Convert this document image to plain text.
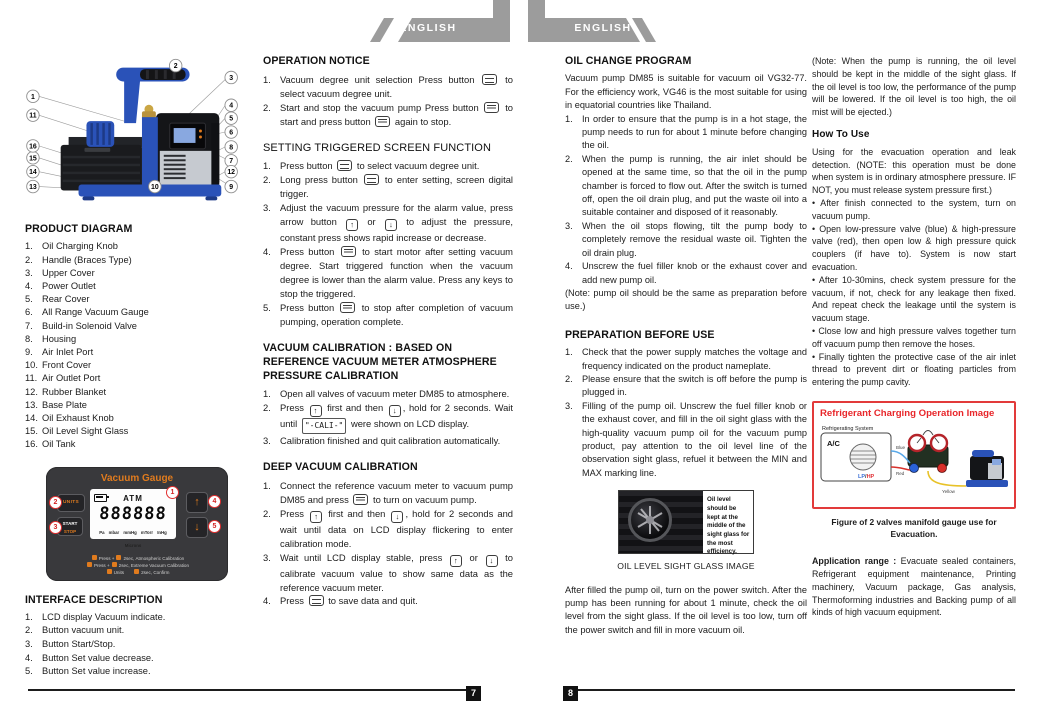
ENGLISH	ENGLISH
1
2
3
4
5
6
7
8
9
10
11
12
13
14
15
16
PRODUCT DIAGRAM
1. Oil Charging Knob
2. Handle (Braces Type)
3. Upper Cover
4. Power Outlet
5. Rear Cover
6. All Range Vacuum Gauge
7. Build-in Solenoid Valve
8. Housing
9. Air Inlet Port
10. Front Cover
11. Air Outlet Port
12. Rubber Blanket
13. Base Plate
14. Oil Exhaust Knob
15. Oil Level Sight Glass
16. Oil Tank
Vacuum Gauge
ATM
888888
Pa mbar mmHg mTorr InHg Microns
UNITS
START
STOP
↑
↓
1
2
3
4
5
Press + 2sec, Atmospheric Calibration
Press + 2sec, Extreme Vacuum Calibration
Units	2sec, Confirm
INTERFACE DESCRIPTION
1. LCD display Vacuum indicate.
2. Button vacuum unit.
3. Button Start/Stop.
4. Button Set value decrease.
5. Button Set value increase.
OPERATION NOTICE
1. Vacuum degree unit selection Press button	to select vacuum degree unit.
2. Start and stop the vacuum pump Press button	to start and press button	again to stop.
SETTING TRIGGERED SCREEN FUNCTION
1. Press button	to select vacuum degree unit.
2. Long press button	to enter setting, screen digital trigger.
3. Adjust the vacuum pressure for the alarm value, press arrow button ↑ or ↓ to adjust the pressure, constant press shows rapid increase or decrease.
4. Press button	to start motor after setting vacuum degree. Start triggered function when the vacuum degree is lower than the alarm value. Press any keys to stop the triggered.
5. Press button	to stop after completion of vacuum pumping, operation complete.
VACUUM CALIBRATION : BASED ON REFERENCE VACUUM METER ATMOSPHERE PRESSURE CALIBRATION
1. Open all valves of vacuum meter DM85 to atmosphere.
2. Press ↑ first and then ↓ , hold for 2 seconds. Wait until "-CALI-" were shown on LCD display.
3. Calibration finished and quit calibration automatically.
DEEP VACUUM CALIBRATION
1. Connect the reference vacuum meter to vacuum pump DM85 and press	to turn on vacuum pump.
2. Press ↑ first and then ↓ , hold for 2 seconds and wait until data on LCD display flickering to enter calibration mode.
3. Wait until LCD display stable, press ↑ or ↓ to calibrate vacuum value to show same data as the reference vacuum meter.
4. Press	to save data and quit.
OIL CHANGE PROGRAM

Vacuum pump DM85 is suitable for vacuum oil VG32-77. For the efficiency work, VG46 is the most suitable for using in equatorial countries like Thailand.

1.	In order to ensure that the pump is in a hot stage, the pump needs to run for about 1 minute before changing the oil.
2.	When the pump is running, the air inlet should be opened at the same time, so that the oil in the pump chamber is forced to flow out. After the switch is turned off, open the oil drain plug, and put the waste oil into a suitable container and disposed of it reasonably.
3.	When the oil stops flowing, tilt the pump body to completely remove the residual waste oil. Tighten the oil drain plug.
4.	Unscrew the fuel filler knob or the exhaust cover and add new pump oil.

(Note: pump oil should be the same as preparation before use.)

PREPARATION BEFORE USE
1.	Check that the power supply matches the voltage and frequency indicated on the product nameplate.
2.	Please ensure that the switch is off before the pump is plugged in.
3.	Filling of the pump oil. Unscrew the fuel filler knob or the exhaust cover, and fill in the oil sight glass with the high-quality vacuum pump oil for the vacuum pump product, pay attention to the oil level line of the observation sight glass, refuel it between the MIN and MAX marking line.
Oil level should be kept at the middle of the sight glass for the most efficiency.
OIL LEVEL SIGHT GLASS IMAGE

After filled the pump oil, turn on the power switch. After the pump has been running for about 1 minute, check the oil level from the sight glass. If the oil level is too low, turn off the power switch and fill in more vacuum oil.

(Note: When the pump is running, the oil level should be kept in the middle of the sight glass. If the oil level is too low, the performance of the pump will be lowered. If the oil level is too high, the oil mist will be ejected.)

How To Use

Using for the evacuation operation and leak detection. (NOTE: this operation must be done when system is in ordinary atmosphere pressure. IF NOT, you must release system pressure first.)

• After finish connected to the system, turn on vacuum pump.

• Open low-pressure valve (blue) & high-pressure valve (red), then open low & high pressure quick couplers (if have to). System is now start evacuation.

• After 10-30mins, check system pressure for the vacuum, if not, check for any leakage then fixed. And repeat check the leakage until the system is vacuum stage.

• Close low and high pressure valves together turn off vacuum pump then remove the hoses.

• Finally tighten the protective case of the air inlet thread to prevent dirt or floating particles from entering the pump cavity.

Refrigerant Charging Operation Image
Refrigerating System
A/C
LP/HP
Blue
Red
Yellow
Figure of 2 valves manifold gauge use for Evacuation.

Application range : Evacuate sealed containers, Refrigerant equipment maintenance, Printing machinery, Vacuum package, Gas analysis, Thermoforming industries and Backing pump of all kinds of high vacuum equipment.

7	8
